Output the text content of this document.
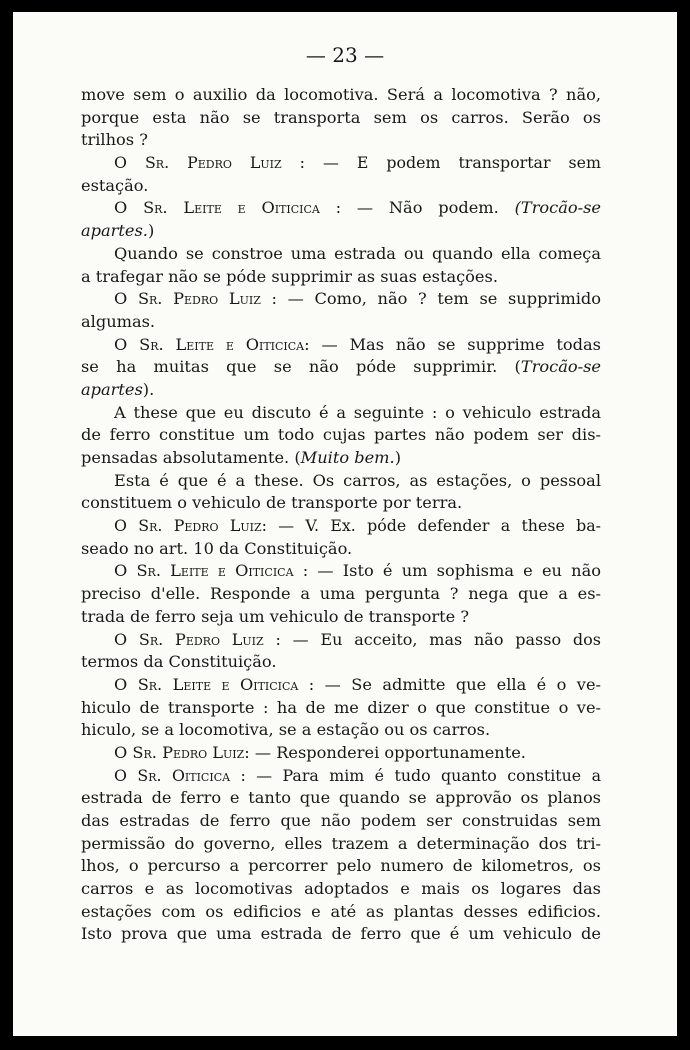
— 23 —

move sem o auxilio da locomotiva. Será a locomotiva ? não,

porque esta não se transporta sem os carros. Serão os

trilhos ?

O Sr. Pedro Luiz : — E podem transportar sem

estação.

O Sr. Leite e Oiticica : — Não podem. (Trocão-se

apartes.)

Quando se constroe uma estrada ou quando ella começa

a trafegar não se póde supprimir as suas estações.

O Sr. Pedro Luiz : — Como, não ? tem se supprimido

algumas.

O Sr. Leite e Oiticica: — Mas não se supprime todas

se ha muitas que se não póde supprimir. (Trocão-se

apartes).

A these que eu discuto é a seguinte : o vehiculo estrada

de ferro constitue um todo cujas partes não podem ser dis-

pensadas absolutamente. (Muito bem.)

Esta é que é a these. Os carros, as estações, o pessoal

constituem o vehiculo de transporte por terra.

O Sr. Pedro Luiz: — V. Ex. póde defender a these ba-

seado no art. 10 da Constituição.

O Sr. Leite e Oiticica : — Isto é um sophisma e eu não

preciso d'elle. Responde a uma pergunta ? nega que a es-

trada de ferro seja um vehiculo de transporte ?

O Sr. Pedro Luiz : — Eu acceito, mas não passo dos

termos da Constituição.

O Sr. Leite e Oiticica : — Se admitte que ella é o ve-

hiculo de transporte : ha de me dizer o que constitue o ve-

hiculo, se a locomotiva, se a estação ou os carros.

O Sr. Pedro Luiz: — Responderei opportunamente.

O Sr. Oiticica : — Para mim é tudo quanto constitue a

estrada de ferro e tanto que quando se approvão os planos

das estradas de ferro que não podem ser construidas sem

permissão do governo, elles trazem a determinação dos tri-

lhos, o percurso a percorrer pelo numero de kilometros, os

carros e as locomotivas adoptados e mais os logares das

estações com os edificios e até as plantas desses edificios.

Isto prova que uma estrada de ferro que é um vehiculo de
